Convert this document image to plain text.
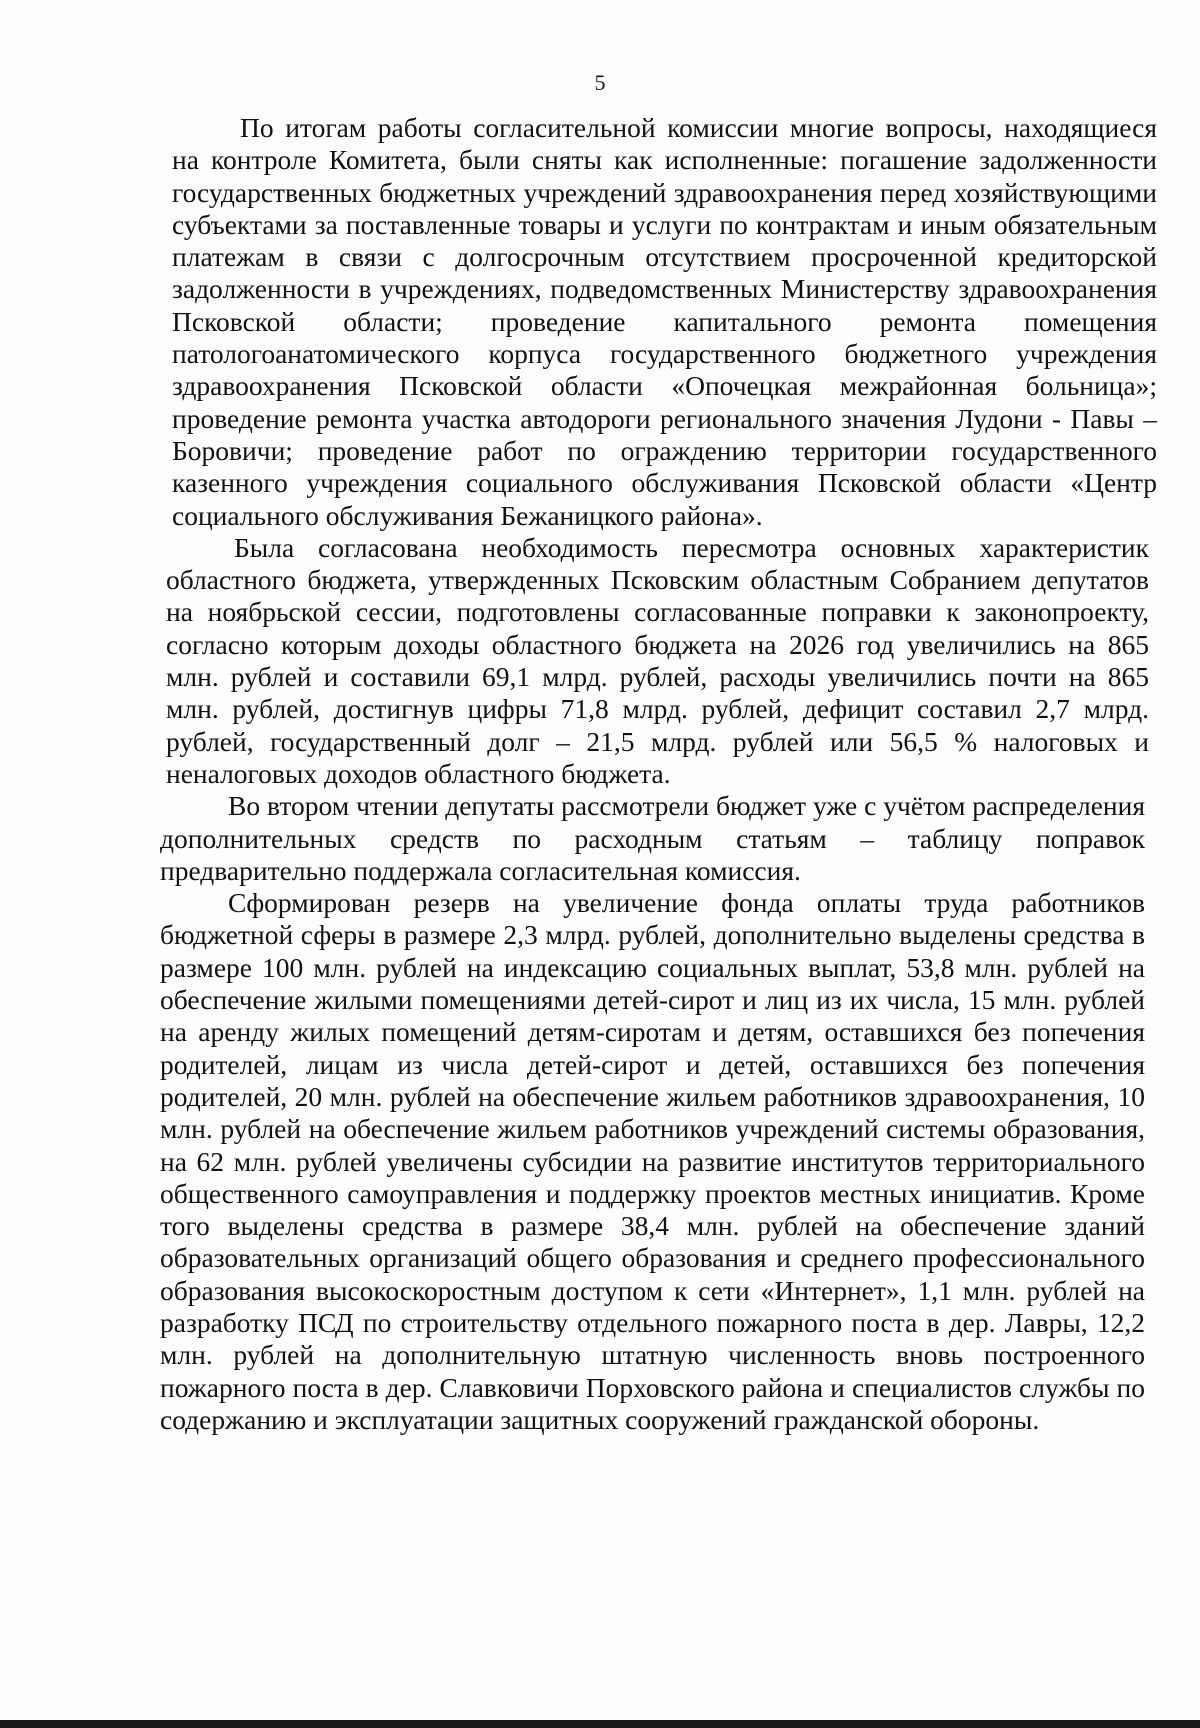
5

По итогам работы согласительной комиссии многие вопросы, находящиеся на контроле Комитета, были сняты как исполненные: погашение задолженности государственных бюджетных учреждений здравоохранения перед хозяйствующими субъектами за поставленные товары и услуги по контрактам и иным обязательным платежам в связи с долгосрочным отсутствием просроченной кредиторской задолженности в учреждениях, подведомственных Министерству здравоохранения Псковской области; проведение капитального ремонта помещения патологоанатомического корпуса государственного бюджетного учреждения здравоохранения Псковской области «Опочецкая межрайонная больница»; проведение ремонта участка автодороги регионального значения Лудони - Павы – Боровичи; проведение работ по ограждению территории государственного казенного учреждения социального обслуживания Псковской области «Центр социального обслуживания Бежаницкого района».

Была согласована необходимость пересмотра основных характеристик областного бюджета, утвержденных Псковским областным Собранием депутатов на ноябрьской сессии, подготовлены согласованные поправки к законопроекту, согласно которым доходы областного бюджета на 2026 год увеличились на 865 млн. рублей и составили 69,1 млрд. рублей, расходы увеличились почти на 865 млн. рублей, достигнув цифры 71,8 млрд. рублей, дефицит составил 2,7 млрд. рублей, государственный долг – 21,5 млрд. рублей или 56,5 % налоговых и неналоговых доходов областного бюджета.

Во втором чтении депутаты рассмотрели бюджет уже с учётом распределения дополнительных средств по расходным статьям – таблицу поправок предварительно поддержала согласительная комиссия.

Сформирован резерв на увеличение фонда оплаты труда работников бюджетной сферы в размере 2,3 млрд. рублей, дополнительно выделены средства в размере 100 млн. рублей на индексацию социальных выплат, 53,8 млн. рублей на обеспечение жилыми помещениями детей-сирот и лиц из их числа, 15 млн. рублей на аренду жилых помещений детям-сиротам и детям, оставшихся без попечения родителей, лицам из числа детей-сирот и детей, оставшихся без попечения родителей, 20 млн. рублей на обеспечение жильем работников здравоохранения, 10 млн. рублей на обеспечение жильем работников учреждений системы образования, на 62 млн. рублей увеличены субсидии на развитие институтов территориального общественного самоуправления и поддержку проектов местных инициатив. Кроме того выделены средства в размере 38,4 млн. рублей на обеспечение зданий образовательных организаций общего образования и среднего профессионального образования высокоскоростным доступом к сети «Интернет», 1,1 млн. рублей на разработку ПСД по строительству отдельного пожарного поста в дер. Лавры, 12,2 млн. рублей на дополнительную штатную численность вновь построенного пожарного поста в дер. Славковичи Порховского района и специалистов службы по содержанию и эксплуатации защитных сооружений гражданской обороны.
